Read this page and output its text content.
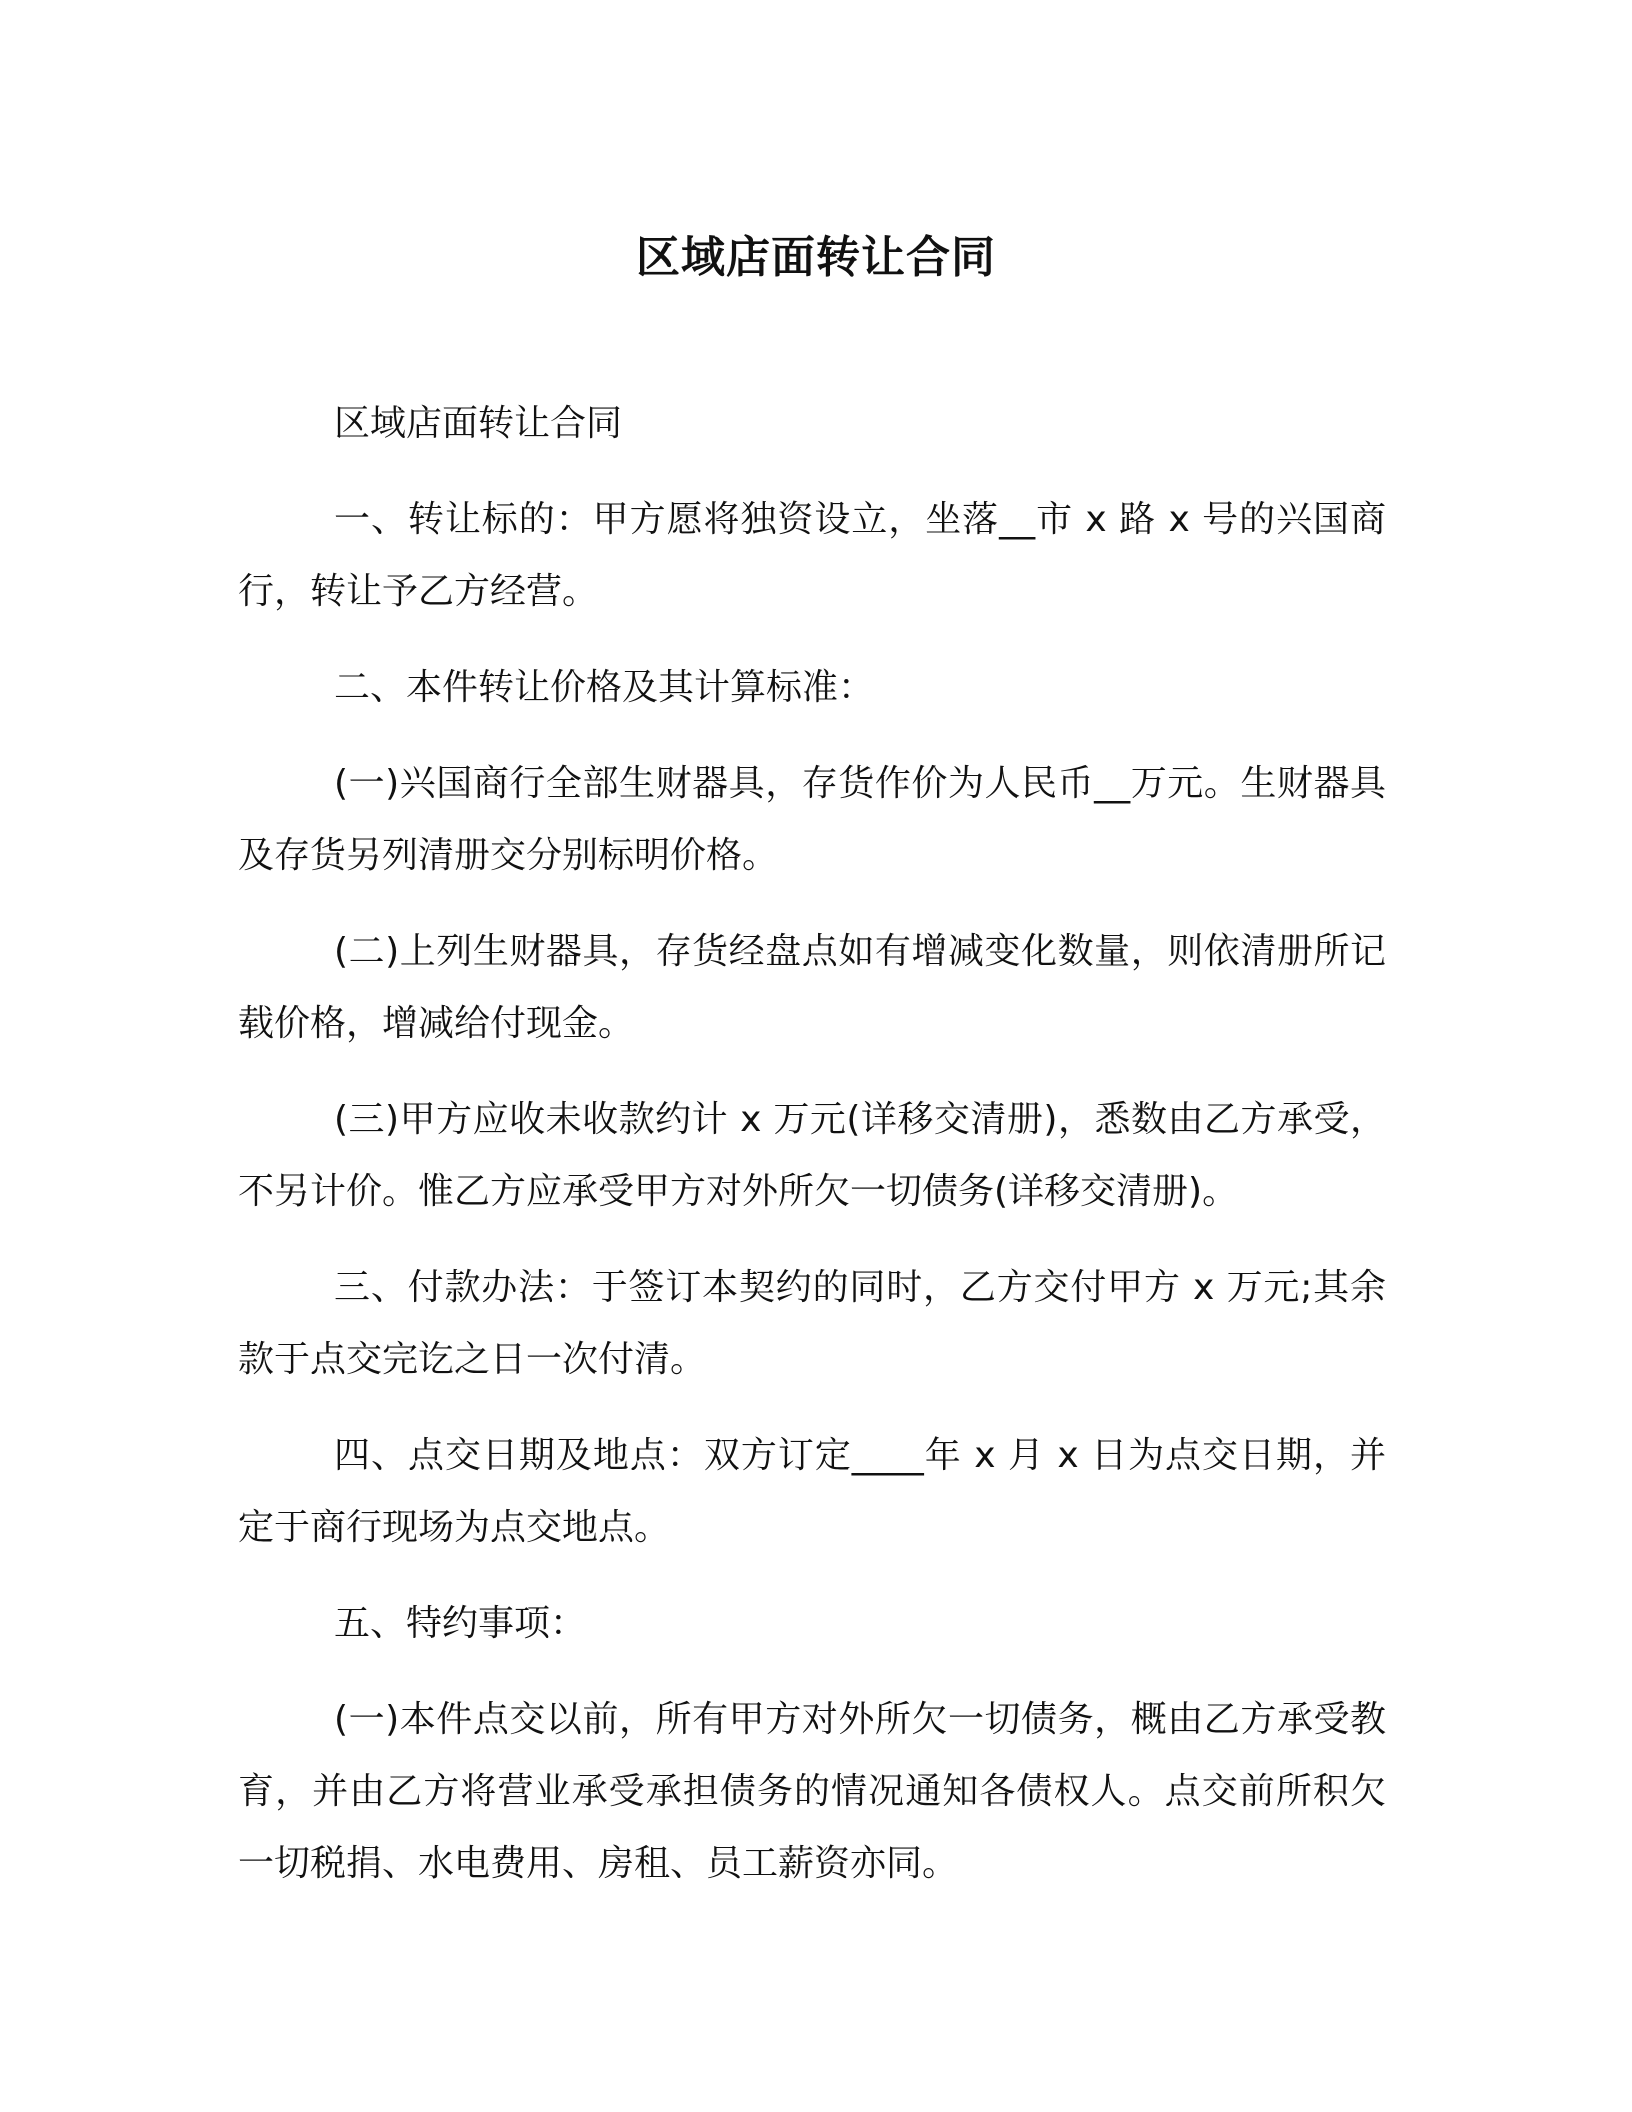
区域店面转让合同

区域店面转让合同

一、转让标的：甲方愿将独资设立，坐落__市 x 路 x 号的兴国商行，转让予乙方经营。

二、本件转让价格及其计算标准：

(一)兴国商行全部生财器具，存货作价为人民币__万元。生财器具及存货另列清册交分别标明价格。

(二)上列生财器具，存货经盘点如有增减变化数量，则依清册所记载价格，增减给付现金。

(三)甲方应收未收款约计 x 万元(详移交清册)，悉数由乙方承受，不另计价。惟乙方应承受甲方对外所欠一切债务(详移交清册)。

三、付款办法：于签订本契约的同时，乙方交付甲方 x 万元;其余款于点交完讫之日一次付清。

四、点交日期及地点：双方订定____年 x 月 x 日为点交日期，并定于商行现场为点交地点。

五、特约事项：

(一)本件点交以前，所有甲方对外所欠一切债务，概由乙方承受教育，并由乙方将营业承受承担债务的情况通知各债权人。点交前所积欠一切税捐、水电费用、房租、员工薪资亦同。
